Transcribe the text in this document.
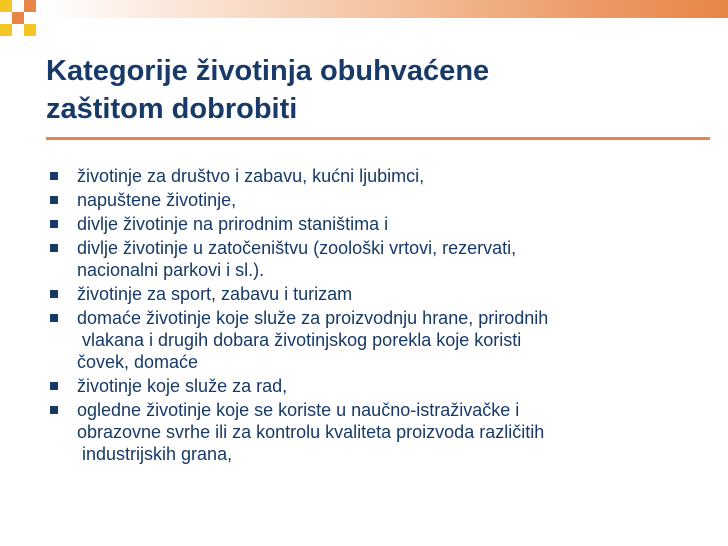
Kategorije životinja obuhvaćene
zaštitom dobrobiti
životinje za društvo i zabavu, kućni ljubimci,
napuštene životinje,
divlje životinje na prirodnim staništima i
divlje životinje u zatočeništvu (zoološki vrtovi, rezervati,
nacionalni parkovi i sl.).
životinje za sport, zabavu i turizam
domaće životinje koje služe za proizvodnju hrane, prirodnih
vlakana i drugih dobara životinjskog porekla koje koristi
čovek, domaće
životinje koje služe za rad,
ogledne životinje koje se koriste u naučno-istraživačke i
obrazovne svrhe ili za kontrolu kvaliteta proizvoda različitih
industrijskih grana,
